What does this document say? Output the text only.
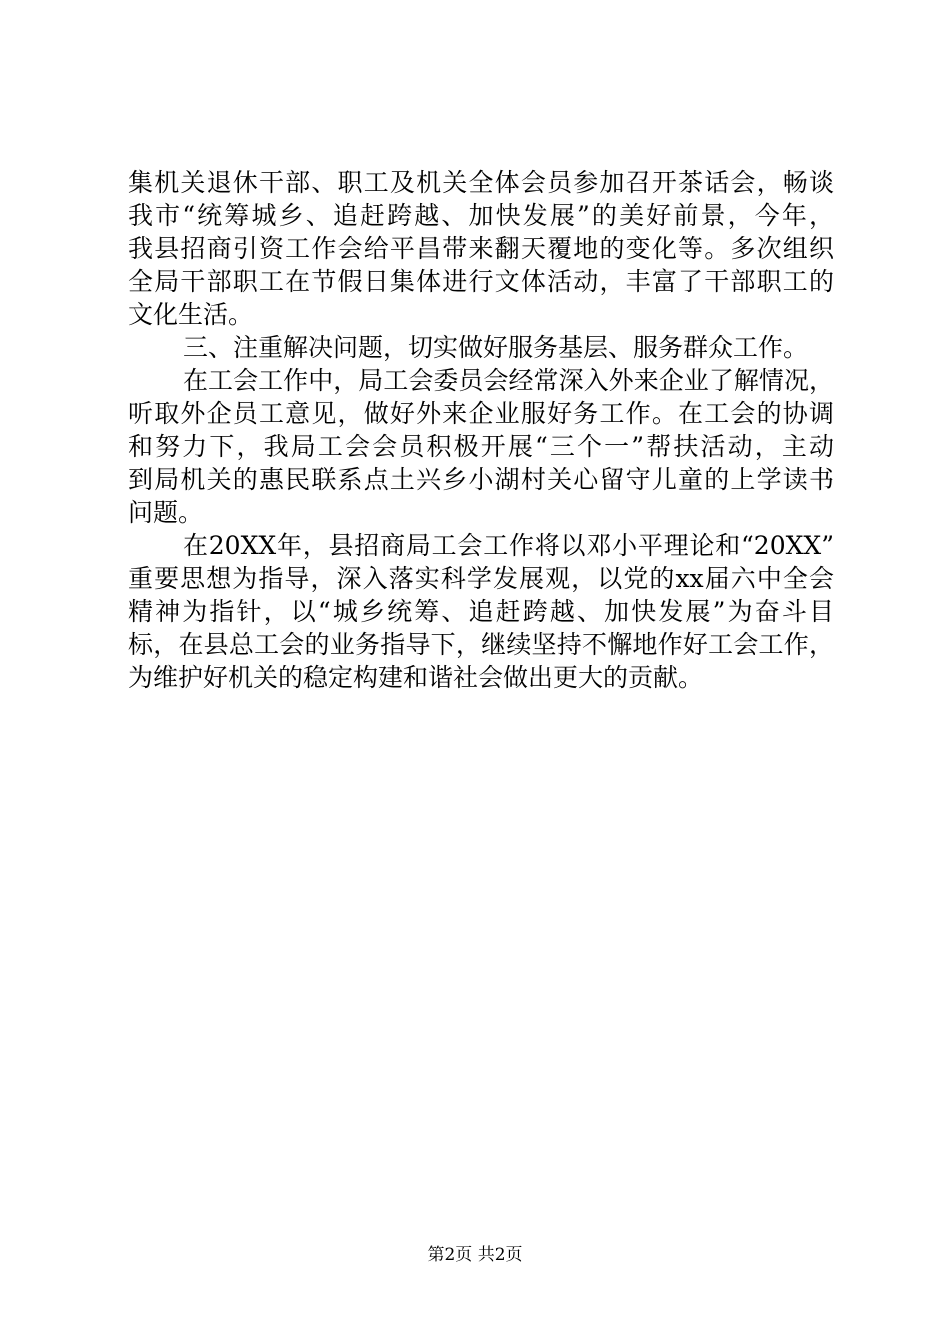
集机关退休干部、职工及机关全体会员参加召开茶话会，畅谈
我市“统筹城乡、追赶跨越、加快发展”的美好前景，今年，
我县招商引资工作会给平昌带来翻天覆地的变化等。多次组织
全局干部职工在节假日集体进行文体活动，丰富了干部职工的
文化生活。
三、注重解决问题，切实做好服务基层、服务群众工作。
在工会工作中，局工会委员会经常深入外来企业了解情况，
听取外企员工意见，做好外来企业服好务工作。在工会的协调
和努力下，我局工会会员积极开展“三个一”帮扶活动，主动
到局机关的惠民联系点土兴乡小湖村关心留守儿童的上学读书
问题。
在20XX年，县招商局工会工作将以邓小平理论和“20XX”
重要思想为指导，深入落实科学发展观，以党的xx届六中全会
精神为指针，以“城乡统筹、追赶跨越、加快发展”为奋斗目
标，在县总工会的业务指导下，继续坚持不懈地作好工会工作，
为维护好机关的稳定构建和谐社会做出更大的贡献。
第2页 共2页
